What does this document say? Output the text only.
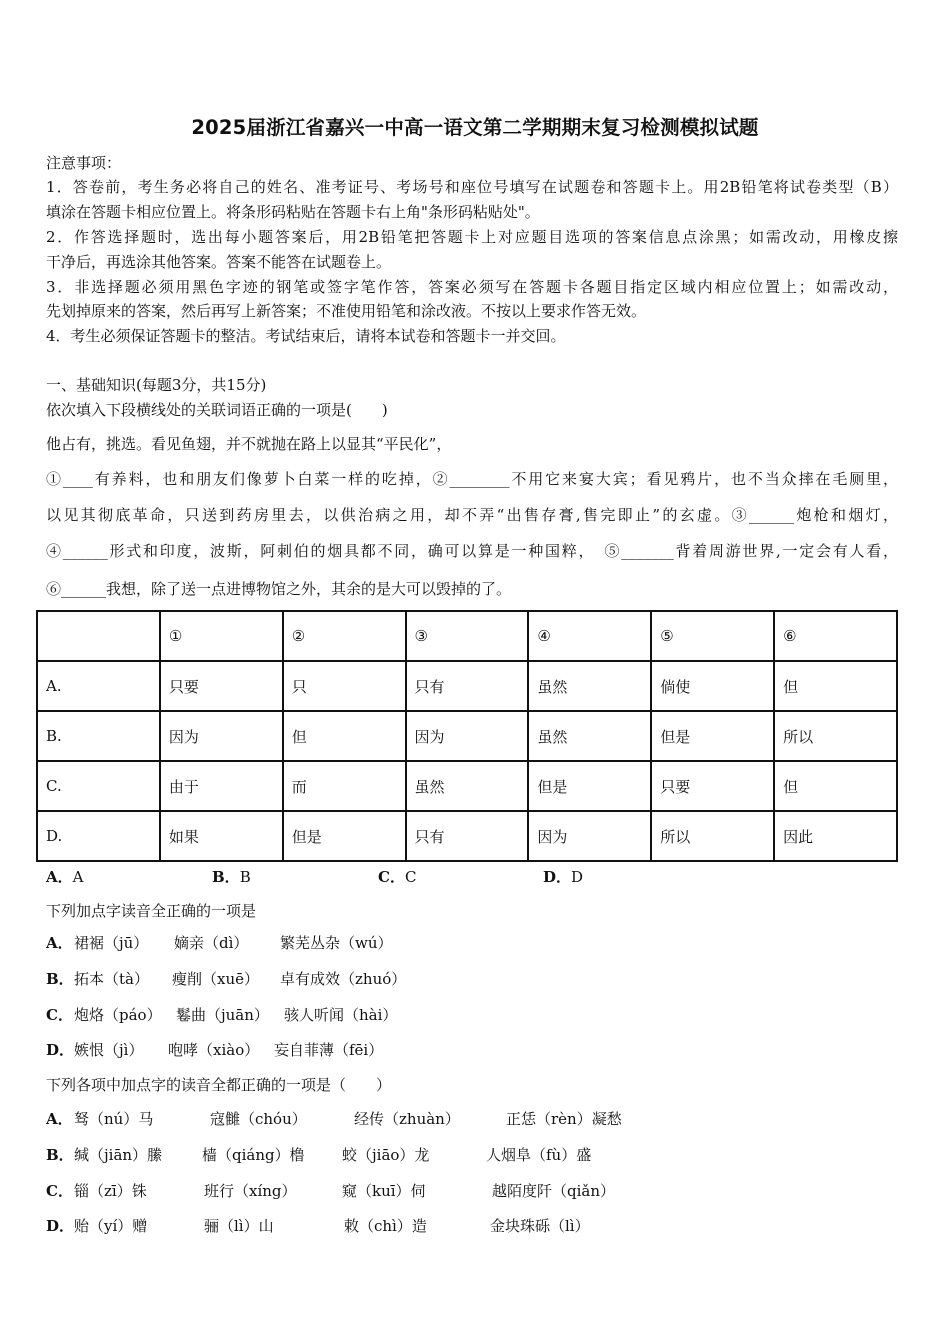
2025届浙江省嘉兴一中高一语文第二学期期末复习检测模拟试题
注意事项：
1．答卷前，考生务必将自己的姓名、准考证号、考场号和座位号填写在试题卷和答题卡上。用2B铅笔将试卷类型（B）
填涂在答题卡相应位置上。将条形码粘贴在答题卡右上角"条形码粘贴处"。
2．作答选择题时，选出每小题答案后，用2B铅笔把答题卡上对应题目选项的答案信息点涂黑；如需改动，用橡皮擦
干净后，再选涂其他答案。答案不能答在试题卷上。
3．非选择题必须用黑色字迹的钢笔或签字笔作答，答案必须写在答题卡各题目指定区域内相应位置上；如需改动，
先划掉原来的答案，然后再写上新答案；不准使用铅笔和涂改液。不按以上要求作答无效。
4．考生必须保证答题卡的整洁。考试结束后，请将本试卷和答题卡一并交回。
一、基础知识(每题3分，共15分)
依次填入下段横线处的关联词语正确的一项是(　　)
他占有，挑选。看见鱼翅，并不就抛在路上以显其“平民化”，
①____有养料，也和朋友们像萝卜白菜一样的吃掉，②________不用它来宴大宾；看见鸦片，也不当众摔在毛厕里，
以见其彻底革命，只送到药房里去，以供治病之用，却不弄“出售存膏,售完即止”的玄虚。③______炮枪和烟灯，
④______形式和印度，波斯，阿刺伯的烟具都不同，确可以算是一种国粹，　⑤_______背着周游世界,一定会有人看，
⑥______我想，除了送一点进博物馆之外，其余的是大可以毁掉的了。
	①	②	③	④	⑤	⑥
A.	只要	只	只有	虽然	倘使	但
B.	因为	但	因为	虽然	但是	所以
C.	由于	而	虽然	但是	只要	但
D.	如果	但是	只有	因为	所以	因此
A．A	B．B	C．C	D．D
下列加点字读音全正确的一项是
A． 裙裾（jū） 嫡亲（dì） 繁芜丛杂（wú）
B． 拓本（tà） 瘦削（xuē） 卓有成效（zhuó）
C． 炮烙（páo） 鬈曲（juān） 骇人听闻（hài）
D． 嫉恨（jì） 咆哮（xiào） 妄自菲薄（fēi）
下列各项中加点字的读音全都正确的一项是（　　）
A． 驽（nú）马	寇雠（chóu）	经传（zhuàn）	正恁（rèn）凝愁
B． 缄（jiān）縢	樯（qiáng）橹 蛟（jiāo）龙	人烟阜（fù）盛
C． 锱（zī）铢	班行（xíng）	窥（kuī）伺	越陌度阡（qiǎn）
D． 贻（yí）赠	骊（lì）山	敕（chì）造	金块珠砾（lì）
